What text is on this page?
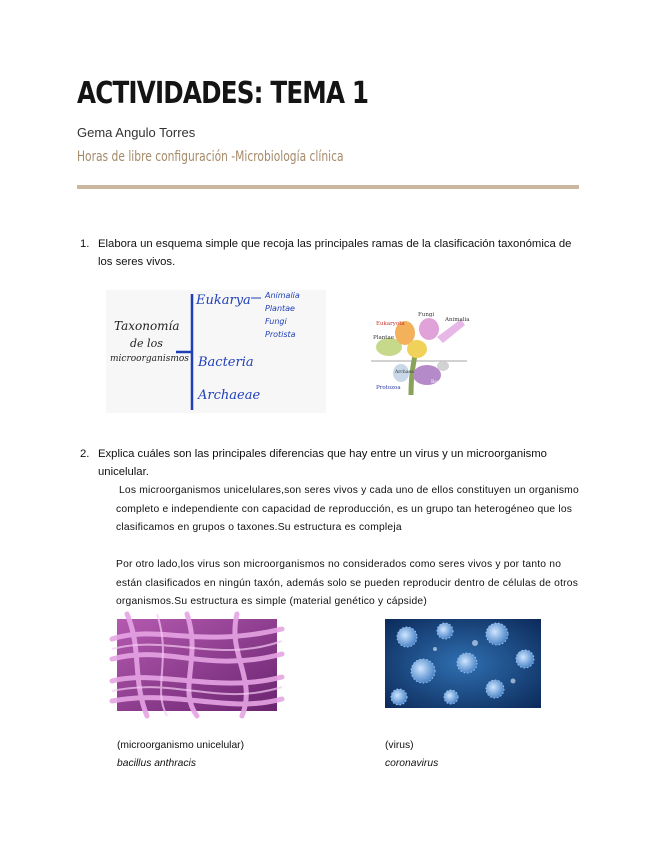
ACTIVIDADES: TEMA 1
Gema Angulo Torres
Horas de libre configuración -Microbiología clínica
1. Elabora un esquema simple que recoja las principales ramas de la clasificación taxonómica de los seres vivos.
Taxonomía
de los
microorganismos
Eukarya
Bacteria
Archaeae
Animalia
Plantae
Fungi
Protista
Eukaryota
Fungi
Animalia
Plantae
Protozoa
Bacteria
Archaea
2. Explica cuáles son las principales diferencias que hay entre un virus y un microorganismo unicelular.

Los microorganismos unicelulares,son seres vivos y cada uno de ellos constituyen un organismo completo e independiente con capacidad de reproducción, es un grupo tan heterogéneo que los clasificamos en grupos o taxones.Su estructura es compleja

Por otro lado,los virus son microorganismos no considerados como seres vivos y por tanto no están clasificados en ningún taxón, además solo se pueden reproducir dentro de células de otros organismos.Su estructura es simple (material genético y cápside)

(microorganismo unicelular)
bacillus anthracis
(virus)
coronavirus
